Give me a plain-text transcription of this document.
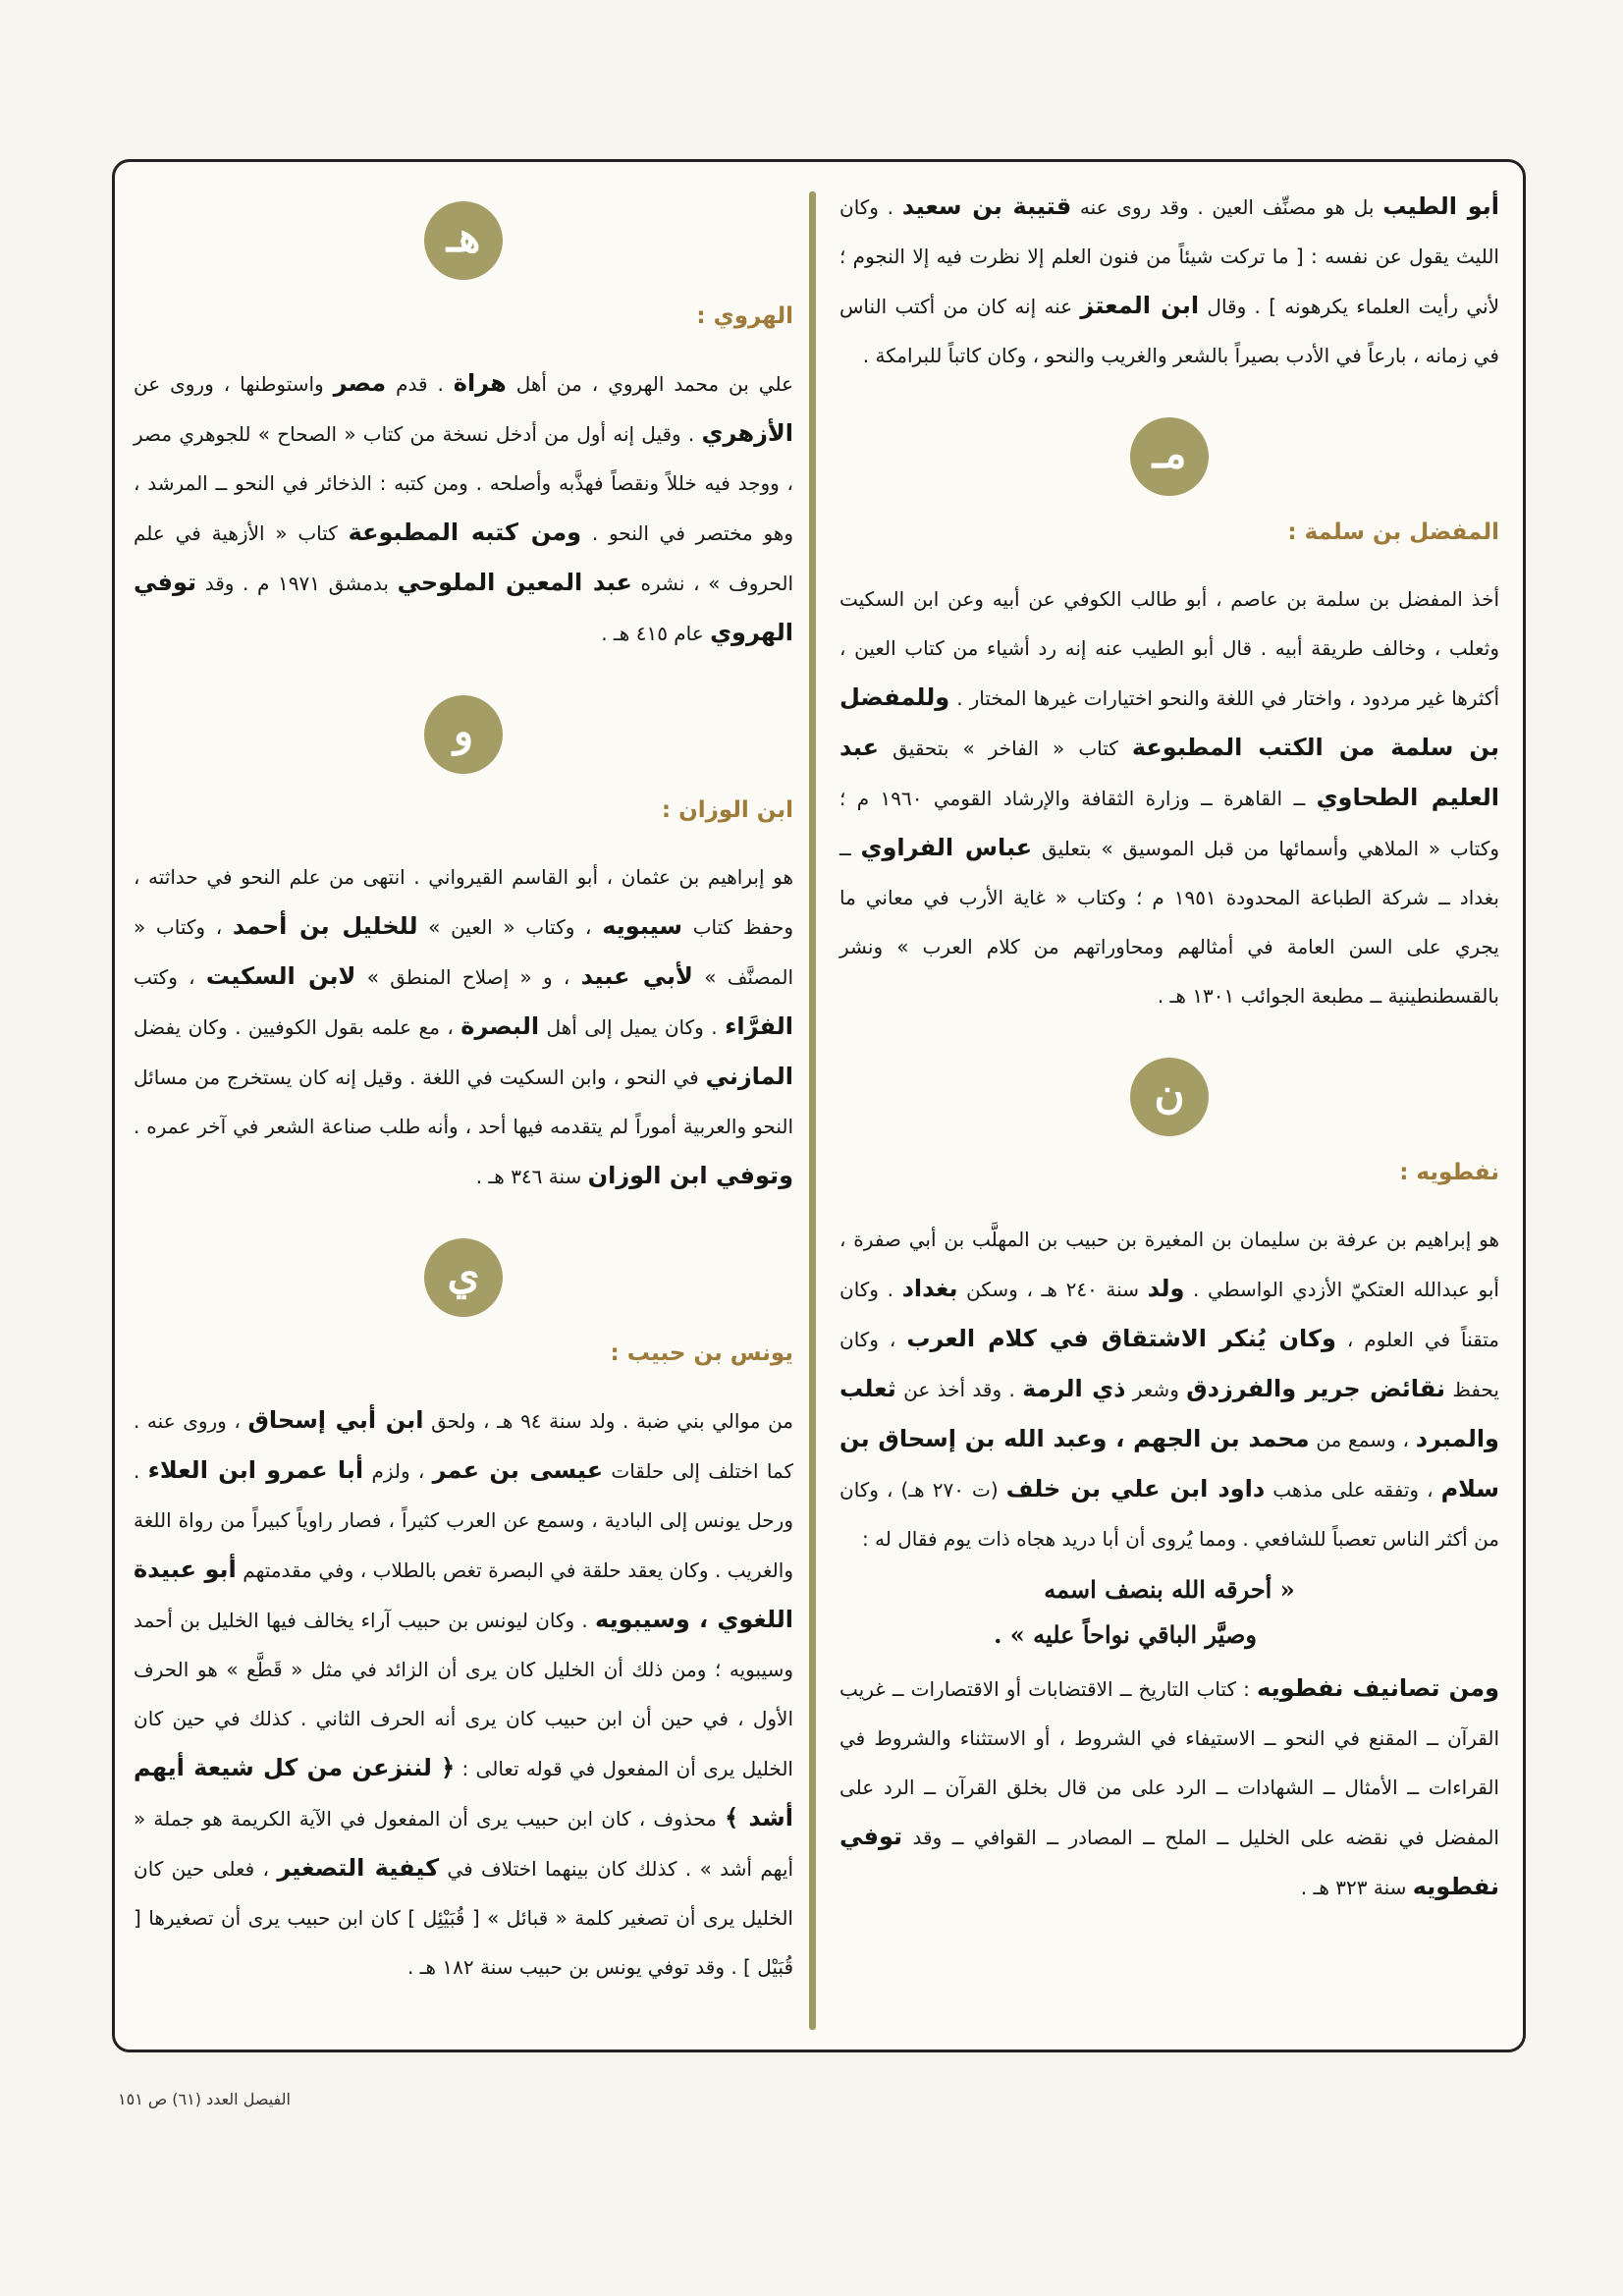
أبو الطيب بل هو مصنِّف العين . وقد روى عنه قتيبة بن سعيد . وكان الليث يقول عن نفسه : [ ما تركت شيئاً من فنون العلم إلا نظرت فيه إلا النجوم ؛ لأني رأيت العلماء يكرهونه ] . وقال ابن المعتز عنه إنه كان من أكتب الناس في زمانه ، بارعاً في الأدب بصيراً بالشعر والغريب والنحو ، وكان كاتباً للبرامكة .

مـ
المفضل بن سلمة :

أخذ المفضل بن سلمة بن عاصم ، أبو طالب الكوفي عن أبيه وعن ابن السكيت وثعلب ، وخالف طريقة أبيه . قال أبو الطيب عنه إنه رد أشياء من كتاب العين ، أكثرها غير مردود ، واختار في اللغة والنحو اختيارات غيرها المختار . وللمفضل بن سلمة من الكتب المطبوعة كتاب « الفاخر » بتحقيق عبد العليم الطحاوي ــ القاهرة ــ وزارة الثقافة والإرشاد القومي ١٩٦٠ م ؛ وكتاب « الملاهي وأسمائها من قبل الموسيق » بتعليق عباس الفراوي ــ بغداد ــ شركة الطباعة المحدودة ١٩٥١ م ؛ وكتاب « غاية الأرب في معاني ما يجري على السن العامة في أمثالهم ومحاوراتهم من كلام العرب » ونشر بالقسطنطينية ــ مطبعة الجوائب ١٣٠١ هـ .

ن
نفطويه :

هو إبراهيم بن عرفة بن سليمان بن المغيرة بن حبيب بن المهلَّب بن أبي صفرة ، أبو عبدالله العتكيّ الأزدي الواسطي . ولد سنة ٢٤٠ هـ ، وسكن بغداد . وكان متقناً في العلوم ، وكان يُنكر الاشتقاق في كلام العرب ، وكان يحفظ نقائض جرير والفرزدق وشعر ذي الرمة . وقد أخذ عن ثعلب والمبرد ، وسمع من محمد بن الجهم ، وعبد الله بن إسحاق بن سلام ، وتفقه على مذهب داود ابن علي بن خلف (ت ٢٧٠ هـ) ، وكان من أكثر الناس تعصباً للشافعي . ومما يُروى أن أبا دريد هجاه ذات يوم فقال له :

« أحرقه الله بنصف اسمه
وصيَّر الباقي نواحاً عليه » .

ومن تصانيف نفطويه : كتاب التاريخ ــ الاقتضابات أو الاقتصارات ــ غريب القرآن ــ المقنع في النحو ــ الاستيفاء في الشروط ، أو الاستثناء والشروط في القراءات ــ الأمثال ــ الشهادات ــ الرد على من قال بخلق القرآن ــ الرد على المفضل في نقضه على الخليل ــ الملح ــ المصادر ــ القوافي ــ وقد توفي نفطويه سنة ٣٢٣ هـ .

هـ
الهروي :

علي بن محمد الهروي ، من أهل هراة . قدم مصر واستوطنها ، وروى عن الأزهري . وقيل إنه أول من أدخل نسخة من كتاب « الصحاح » للجوهري مصر ، ووجد فيه خللاً ونقصاً فهذَّبه وأصلحه . ومن كتبه : الذخائر في النحو ــ المرشد ، وهو مختصر في النحو . ومن كتبه المطبوعة كتاب « الأزهية في علم الحروف » ، نشره عبد المعين الملوحي بدمشق ١٩٧١ م . وقد توفي الهروي عام ٤١٥ هـ .

و
ابن الوزان :

هو إبراهيم بن عثمان ، أبو القاسم القيرواني . انتهى من علم النحو في حداثته ، وحفظ كتاب سيبويه ، وكتاب « العين » للخليل بن أحمد ، وكتاب « المصنَّف » لأبي عبيد ، و « إصلاح المنطق » لابن السكيت ، وكتب الفرَّاء . وكان يميل إلى أهل البصرة ، مع علمه بقول الكوفيين . وكان يفضل المازني في النحو ، وابن السكيت في اللغة . وقيل إنه كان يستخرج من مسائل النحو والعربية أموراً لم يتقدمه فيها أحد ، وأنه طلب صناعة الشعر في آخر عمره . وتوفي ابن الوزان سنة ٣٤٦ هـ .

ي
يونس بن حبيب :

من موالي بني ضبة . ولد سنة ٩٤ هـ ، ولحق ابن أبي إسحاق ، وروى عنه . كما اختلف إلى حلقات عيسى بن عمر ، ولزم أبا عمرو ابن العلاء . ورحل يونس إلى البادية ، وسمع عن العرب كثيراً ، فصار راوياً كبيراً من رواة اللغة والغريب . وكان يعقد حلقة في البصرة تغص بالطلاب ، وفي مقدمتهم أبو عبيدة اللغوي ، وسيبويه . وكان ليونس بن حبيب آراء يخالف فيها الخليل بن أحمد وسيبويه ؛ ومن ذلك أن الخليل كان يرى أن الزائد في مثل « قَطَّع » هو الحرف الأول ، في حين أن ابن حبيب كان يرى أنه الحرف الثاني . كذلك في حين كان الخليل يرى أن المفعول في قوله تعالى : ﴿ لننزعن من كل شيعة أيهم أشد ﴾ محذوف ، كان ابن حبيب يرى أن المفعول في الآية الكريمة هو جملة « أيهم أشد » . كذلك كان بينهما اختلاف في كيفية التصغير ، فعلى حين كان الخليل يرى أن تصغير كلمة « قبائل » [ قُبَيْئِل ] كان ابن حبيب يرى أن تصغيرها [ قُبَيْل ] . وقد توفي يونس بن حبيب سنة ١٨٢ هـ .

الفيصل العدد (٦١) ص ١٥١
